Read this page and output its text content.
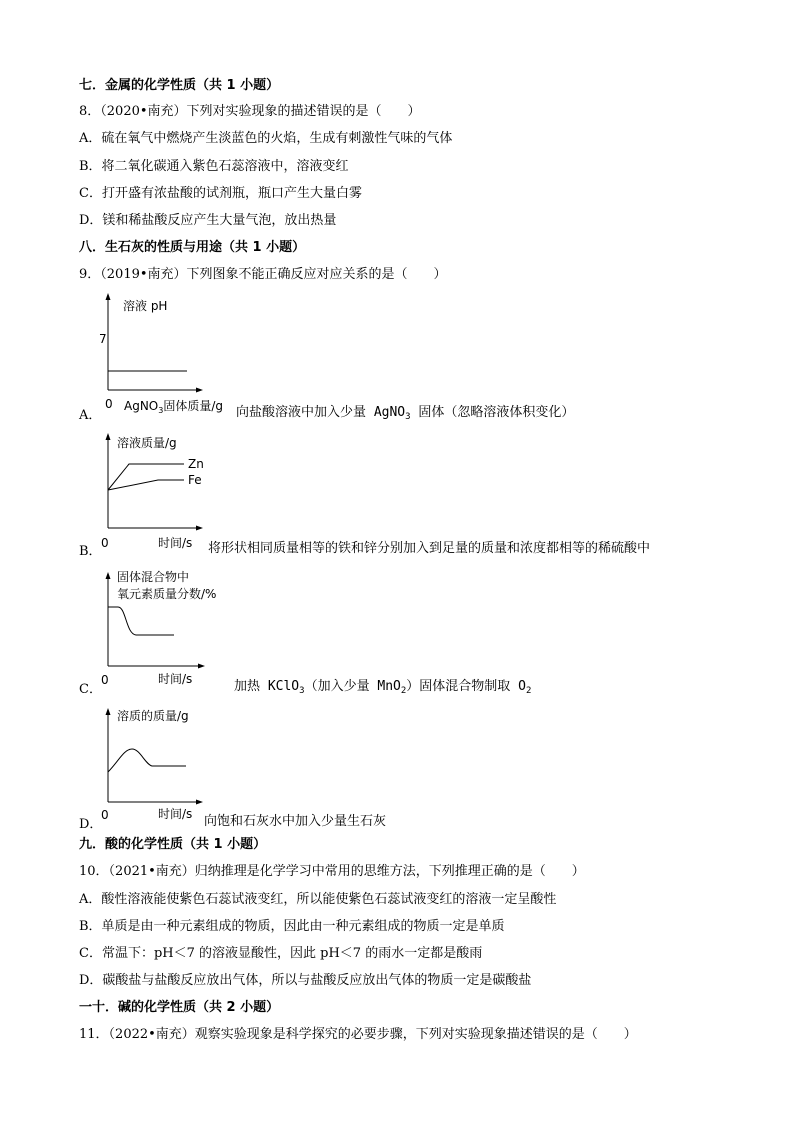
七．金属的化学性质（共 1 小题）
8．（2020•南充）下列对实验现象的描述错误的是（　　）
A．硫在氧气中燃烧产生淡蓝色的火焰，生成有刺激性气味的气体
B．将二氧化碳通入紫色石蕊溶液中，溶液变红
C．打开盛有浓盐酸的试剂瓶，瓶口产生大量白雾
D．镁和稀盐酸反应产生大量气泡，放出热量
八．生石灰的性质与用途（共 1 小题）
9．（2019•南充）下列图象不能正确反应对应关系的是（　　）
溶液 pH
7
0 AgNO$_3$固体质量/g
A．	向盐酸溶液中加入少量 AgNO$_3$ 固体（忽略溶液体积变化）
溶液质量/g
Zn
Fe
0	时间/s
B．	将形状相同质量相等的铁和锌分别加入到足量的质量和浓度都相等的稀硫酸中
固体混合物中
氧元素质量分数/%
0	时间/s
C．	加热 KClO$_3$（加入少量 MnO$_2$）固体混合物制取 $O_2$
溶质的质量/g
0	时间/s
D．	向饱和石灰水中加入少量生石灰
九．酸的化学性质（共 1 小题）
10．（2021•南充）归纳推理是化学学习中常用的思维方法，下列推理正确的是（　　）
A．酸性溶液能使紫色石蕊试液变红，所以能使紫色石蕊试液变红的溶液一定呈酸性
B．单质是由一种元素组成的物质，因此由一种元素组成的物质一定是单质
C．常温下：pH＜7 的溶液显酸性，因此 pH＜7 的雨水一定都是酸雨
D．碳酸盐与盐酸反应放出气体，所以与盐酸反应放出气体的物质一定是碳酸盐
一十．碱的化学性质（共 2 小题）
11．（2022•南充）观察实验现象是科学探究的必要步骤，下列对实验现象描述错误的是（　　）
